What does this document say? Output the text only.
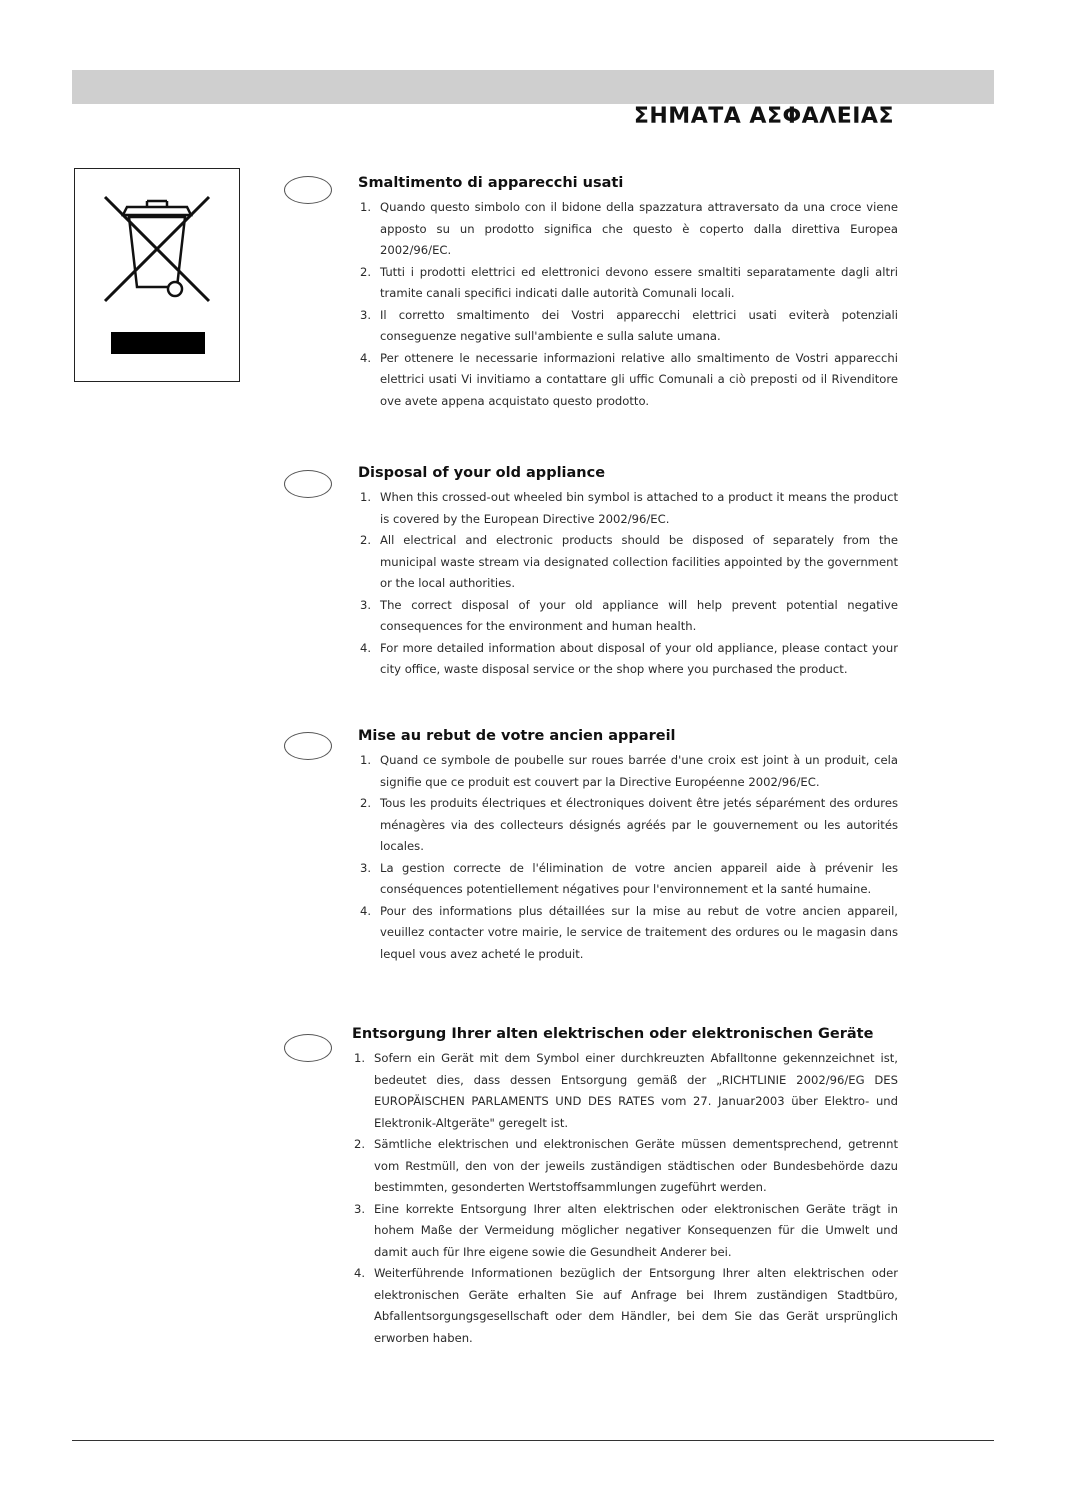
ΣΗΜΑΤΑ ΑΣΦΑΛΕΙΑΣ
Smaltimento di apparecchi usati
1. Quando questo simbolo con il bidone della spazzatura attraversato da una croce viene apposto su un prodotto significa che questo è coperto dalla direttiva Europea 2002/96/EC.
2. Tutti i prodotti elettrici ed elettronici devono essere smaltiti separatamente dagli altri tramite canali specifici indicati dalle autorità Comunali locali.
3. Il corretto smaltimento dei Vostri apparecchi elettrici usati eviterà potenziali conseguenze negative sull'ambiente e sulla salute umana.
4. Per ottenere le necessarie informazioni relative allo smaltimento de Vostri apparecchi elettrici usati Vi invitiamo a contattare gli uffic Comunali a ciò preposti od il Rivenditore ove avete appena acquistato questo prodotto.
Disposal of your old appliance
1. When this crossed-out wheeled bin symbol is attached to a product it means the product is covered by the European Directive 2002/96/EC.
2. All electrical and electronic products should be disposed of separately from the municipal waste stream via designated collection facilities appointed by the government or the local authorities.
3. The correct disposal of your old appliance will help prevent potential negative consequences for the environment and human health.
4. For more detailed information about disposal of your old appliance, please contact your city office, waste disposal service or the shop where you purchased the product.
Mise au rebut de votre ancien appareil
1. Quand ce symbole de poubelle sur roues barrée d'une croix est joint à un produit, cela signifie que ce produit est couvert par la Directive Européenne 2002/96/EC.
2. Tous les produits électriques et électroniques doivent être jetés séparément des ordures ménagères via des collecteurs désignés agréés par le gouvernement ou les autorités locales.
3. La gestion correcte de l'élimination de votre ancien appareil aide à prévenir les conséquences potentiellement négatives pour l'environnement et la santé humaine.
4. Pour des informations plus détaillées sur la mise au rebut de votre ancien appareil, veuillez contacter votre mairie, le service de traitement des ordures ou le magasin dans lequel vous avez acheté le produit.
Entsorgung Ihrer alten elektrischen oder elektronischen Geräte
1. Sofern ein Gerät mit dem Symbol einer durchkreuzten Abfalltonne gekennzeichnet ist, bedeutet dies, dass dessen Entsorgung gemäß der „RICHTLINIE 2002/96/EG DES EUROPÄISCHEN PARLAMENTS UND DES RATES vom 27. Januar2003 über Elektro- und Elektronik-Altgeräte" geregelt ist.
2. Sämtliche elektrischen und elektronischen Geräte müssen dementsprechend, getrennt vom Restmüll, den von der jeweils zuständigen städtischen oder Bundesbehörde dazu bestimmten, gesonderten Wertstoffsammlungen zugeführt werden.
3. Eine korrekte Entsorgung Ihrer alten elektrischen oder elektronischen Geräte trägt in hohem Maße der Vermeidung möglicher negativer Konsequenzen für die Umwelt und damit auch für Ihre eigene sowie die Gesundheit Anderer bei.
4. Weiterführende Informationen bezüglich der Entsorgung Ihrer alten elektrischen oder elektronischen Geräte erhalten Sie auf Anfrage bei Ihrem zuständigen Stadtbüro, Abfallentsorgungsgesellschaft oder dem Händler, bei dem Sie das Gerät ursprünglich erworben haben.
